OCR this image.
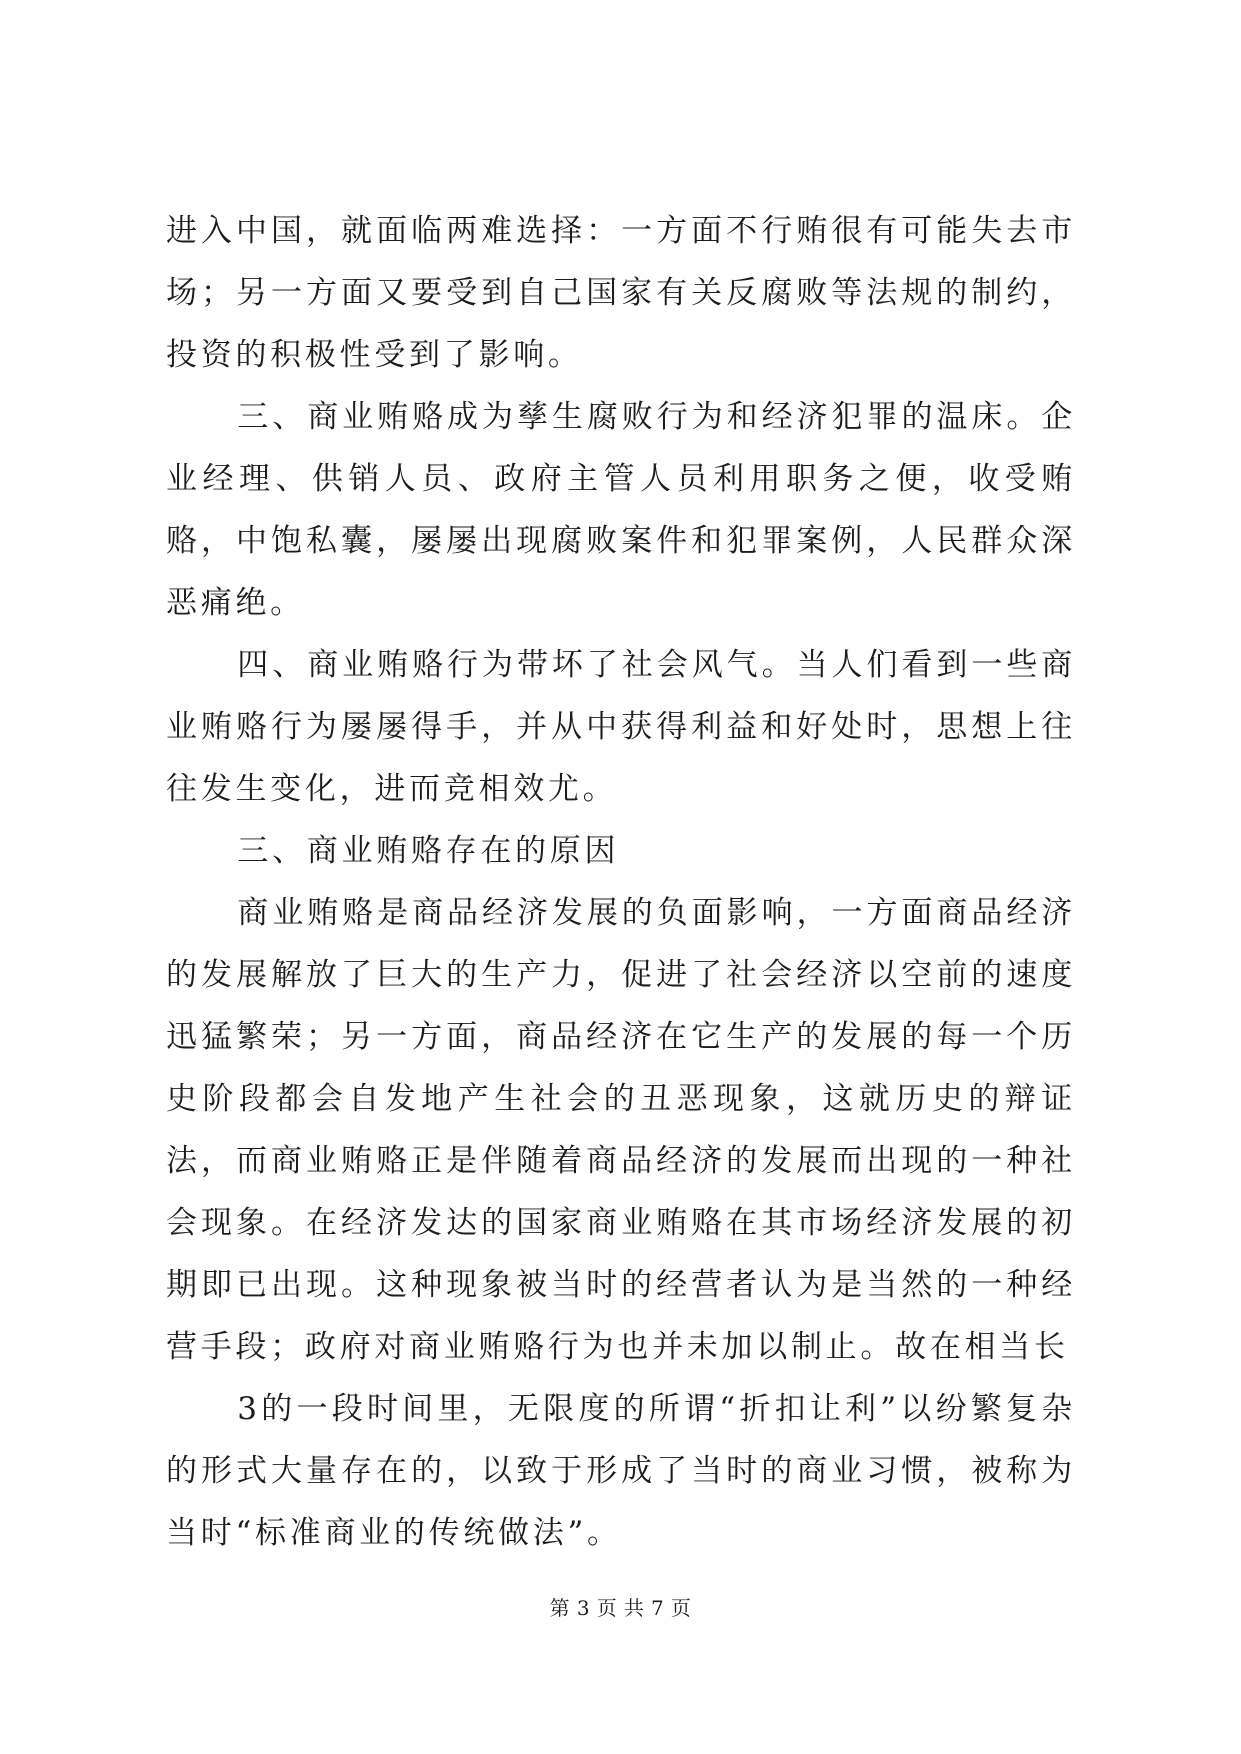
进入中国，就面临两难选择：一方面不行贿很有可能失去市场；另一方面又要受到自己国家有关反腐败等法规的制约，投资的积极性受到了影响。

三、商业贿赂成为孳生腐败行为和经济犯罪的温床。企业经理、供销人员、政府主管人员利用职务之便，收受贿赂，中饱私囊，屡屡出现腐败案件和犯罪案例，人民群众深恶痛绝。

四、商业贿赂行为带坏了社会风气。当人们看到一些商业贿赂行为屡屡得手，并从中获得利益和好处时，思想上往往发生变化，进而竞相效尤。

三、商业贿赂存在的原因

商业贿赂是商品经济发展的负面影响，一方面商品经济的发展解放了巨大的生产力，促进了社会经济以空前的速度迅猛繁荣；另一方面，商品经济在它生产的发展的每一个历史阶段都会自发地产生社会的丑恶现象，这就历史的辩证法，而商业贿赂正是伴随着商品经济的发展而出现的一种社会现象。在经济发达的国家商业贿赂在其市场经济发展的初期即已出现。这种现象被当时的经营者认为是当然的一种经营手段；政府对商业贿赂行为也并未加以制止。故在相当长

3的一段时间里，无限度的所谓“折扣让利”以纷繁复杂的形式大量存在的，以致于形成了当时的商业习惯，被称为当时“标准商业的传统做法”。

第 3 页 共 7 页
